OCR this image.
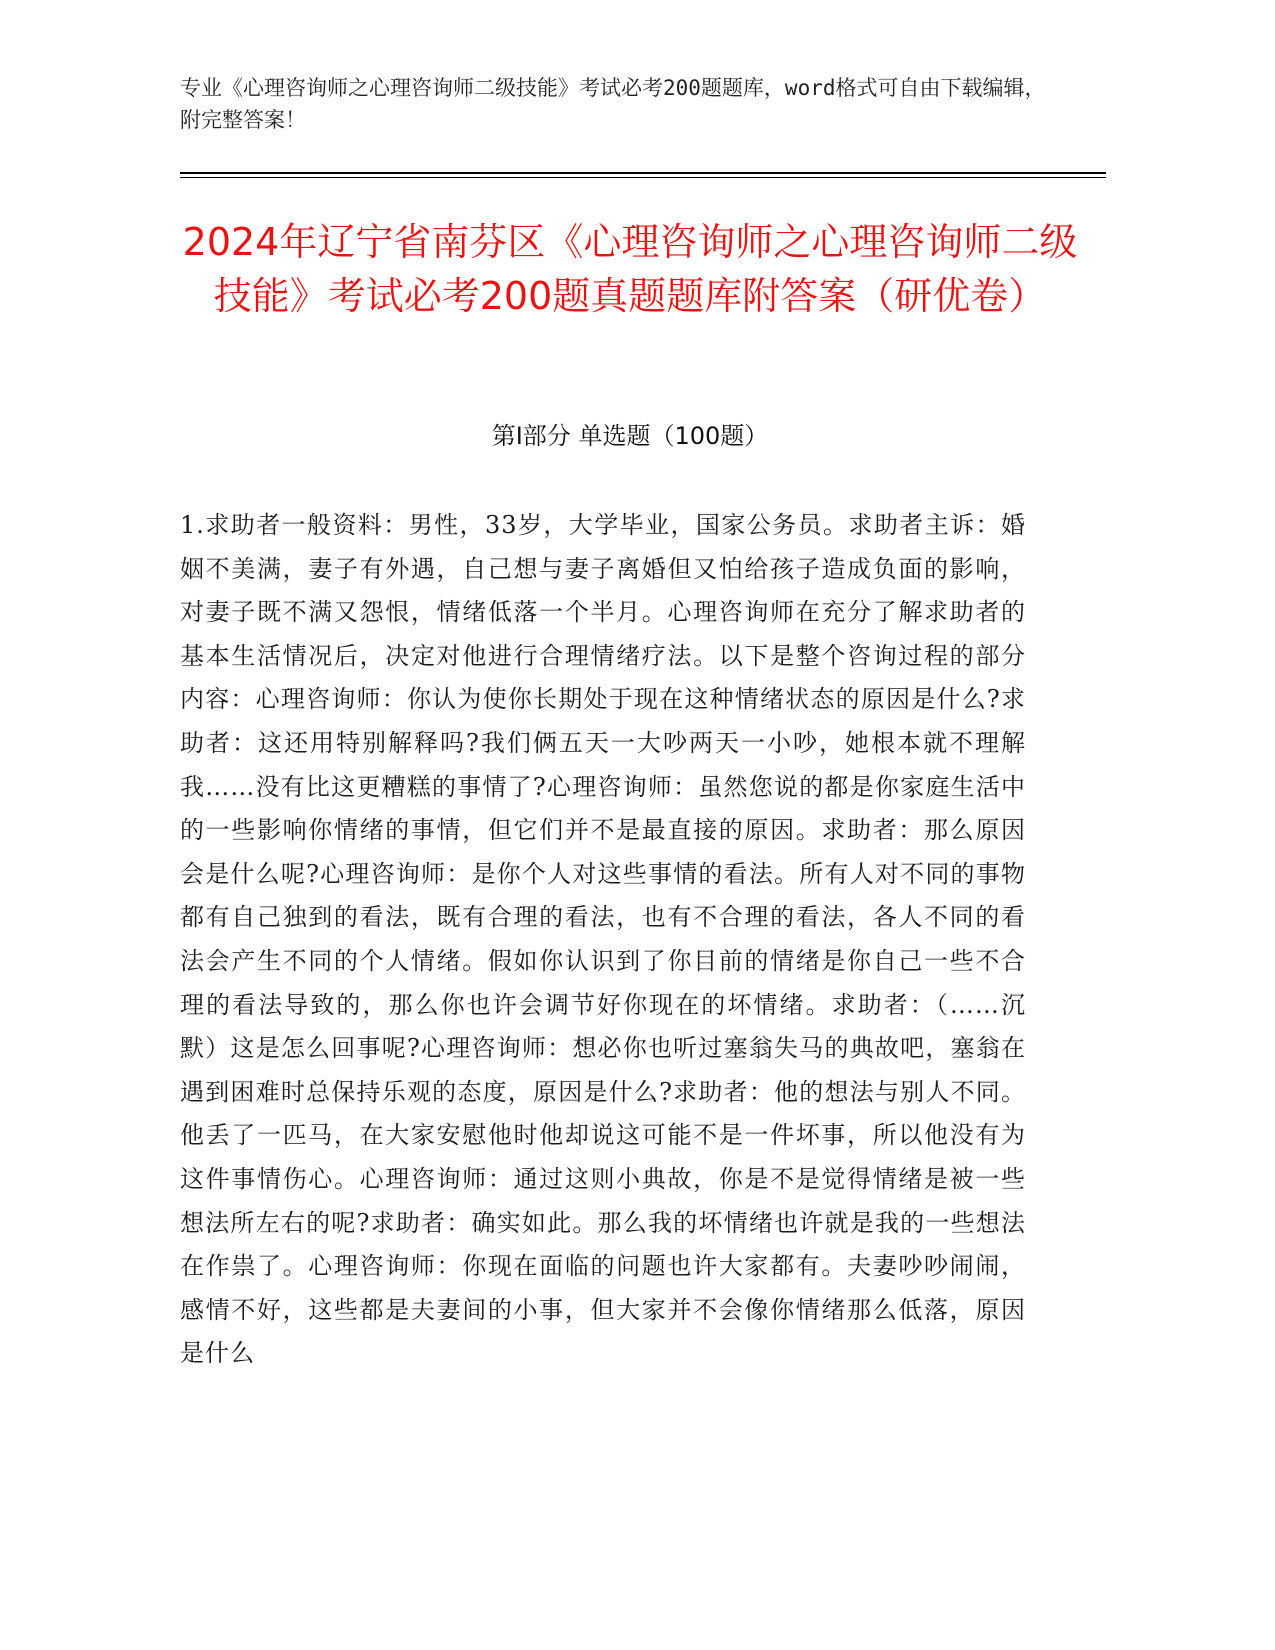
专业《心理咨询师之心理咨询师二级技能》考试必考200题题库，word格式可自由下载编辑，附完整答案！
2024年辽宁省南芬区《心理咨询师之心理咨询师二级技能》考试必考200题真题题库附答案（研优卷）
第Ⅰ部分 单选题（100题）

1.求助者一般资料：男性，33岁，大学毕业，国家公务员。求助者主诉：婚姻不美满，妻子有外遇，自己想与妻子离婚但又怕给孩子造成负面的影响，对妻子既不满又怨恨，情绪低落一个半月。心理咨询师在充分了解求助者的基本生活情况后，决定对他进行合理情绪疗法。以下是整个咨询过程的部分内容：心理咨询师：你认为使你长期处于现在这种情绪状态的原因是什么?求助者：这还用特别解释吗?我们俩五天一大吵两天一小吵，她根本就不理解我……没有比这更糟糕的事情了?心理咨询师：虽然您说的都是你家庭生活中的一些影响你情绪的事情，但它们并不是最直接的原因。求助者：那么原因会是什么呢?心理咨询师：是你个人对这些事情的看法。所有人对不同的事物都有自己独到的看法，既有合理的看法，也有不合理的看法，各人不同的看法会产生不同的个人情绪。假如你认识到了你目前的情绪是你自己一些不合理的看法导致的，那么你也许会调节好你现在的坏情绪。求助者：（……沉默）这是怎么回事呢?心理咨询师：想必你也听过塞翁失马的典故吧，塞翁在遇到困难时总保持乐观的态度，原因是什么?求助者：他的想法与别人不同。他丢了一匹马，在大家安慰他时他却说这可能不是一件坏事，所以他没有为这件事情伤心。心理咨询师：通过这则小典故，你是不是觉得情绪是被一些想法所左右的呢?求助者：确实如此。那么我的坏情绪也许就是我的一些想法在作祟了。心理咨询师：你现在面临的问题也许大家都有。夫妻吵吵闹闹，感情不好，这些都是夫妻间的小事，但大家并不会像你情绪那么低落，原因是什么
